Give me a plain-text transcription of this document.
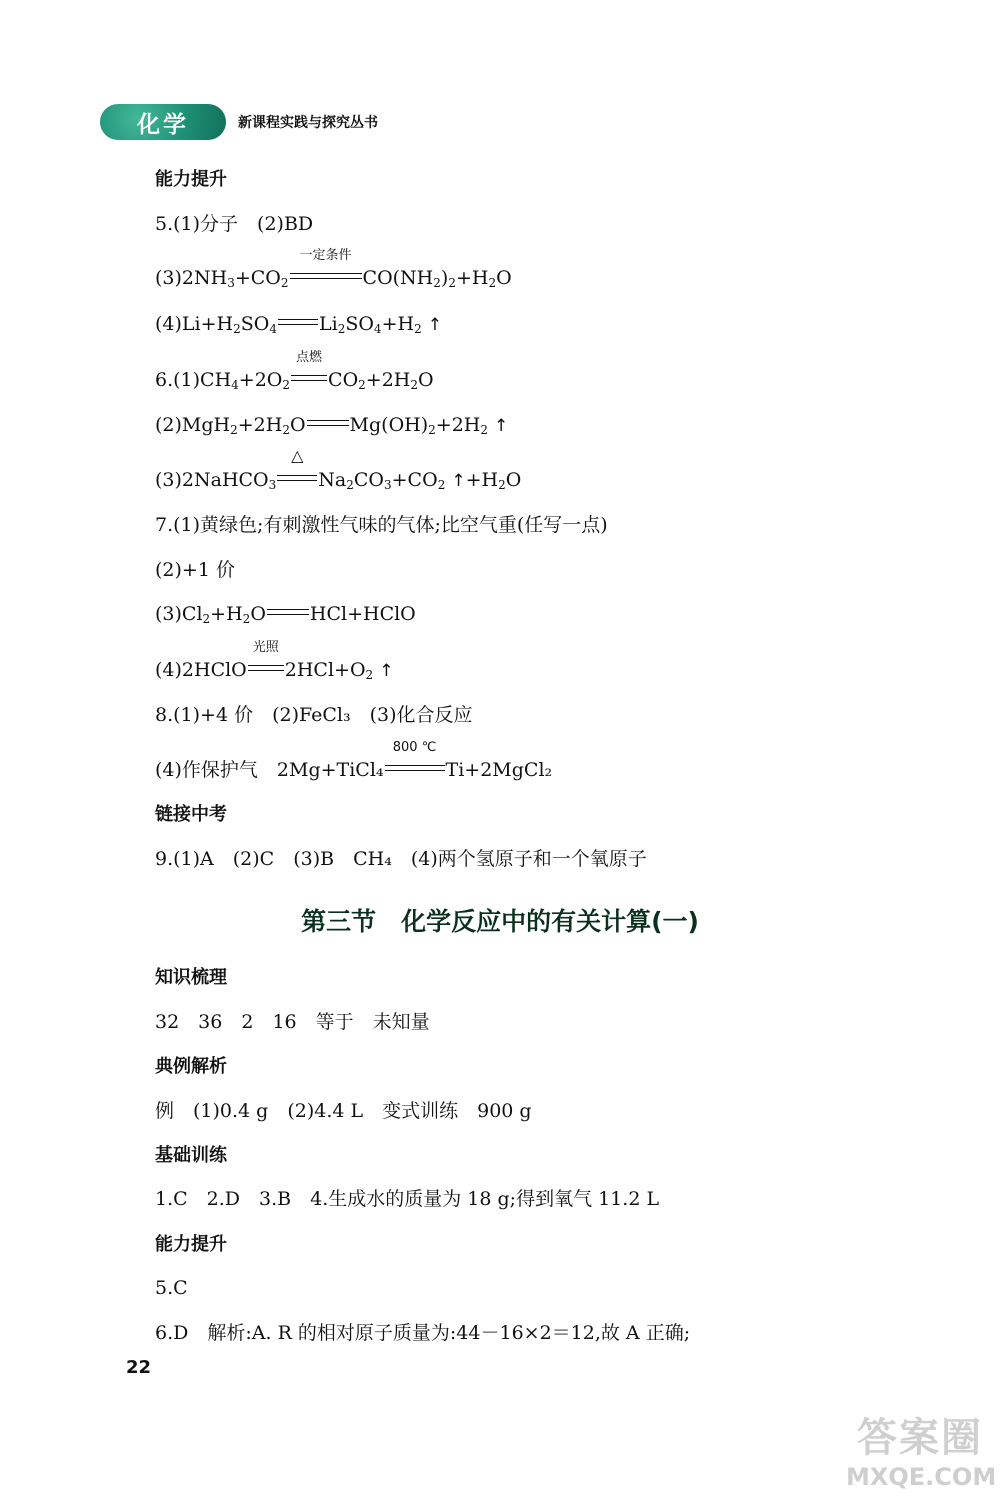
化学	新课程实践与探究丛书
能力提升
5.(1)分子　(2)BD
$(3)2NH_3+CO_2$
一定条件
$CO(NH_2)_2+H_2O$
$(4)Li+H_2SO_4$ $Li_2SO_4+H_2$ ↑
$6.(1)CH_4+2O_2$
点燃
$CO_2+2H_2O$
$(2)MgH_2+2H_2O$ $Mg(OH)_2+2H_2$ ↑
(3)2NaHCO$_3$
△
$Na_2CO_3+CO_2$ $↑+H_2O$
7.(1)黄绿色;有刺激性气味的气体;比空气重(任写一点)
(2)+1 价
$(3)Cl_2+H_2O$ HCl+HClO
(4)2HClO
光照
$2HCl+O_2$ ↑
8.(1)+4 价　(2)FeCl₃　(3)化合反应
(4)作保护气　2Mg+TiCl₄
800 ℃
Ti+2MgCl₂
链接中考
9.(1)A　(2)C　(3)B　CH₄　(4)两个氢原子和一个氧原子
第三节　化学反应中的有关计算(一)
知识梳理
32　36　2　16　等于　未知量
典例解析
例　(1)0.4 g　(2)4.4 L　变式训练　900 g
基础训练
1.C　2.D　3.B　4.生成水的质量为 18 g;得到氧气 11.2 L
能力提升
5.C
6.D　解析:A. R 的相对原子质量为:44－16×2＝12,故 A 正确;
22
答案圈
MXQE.COM
